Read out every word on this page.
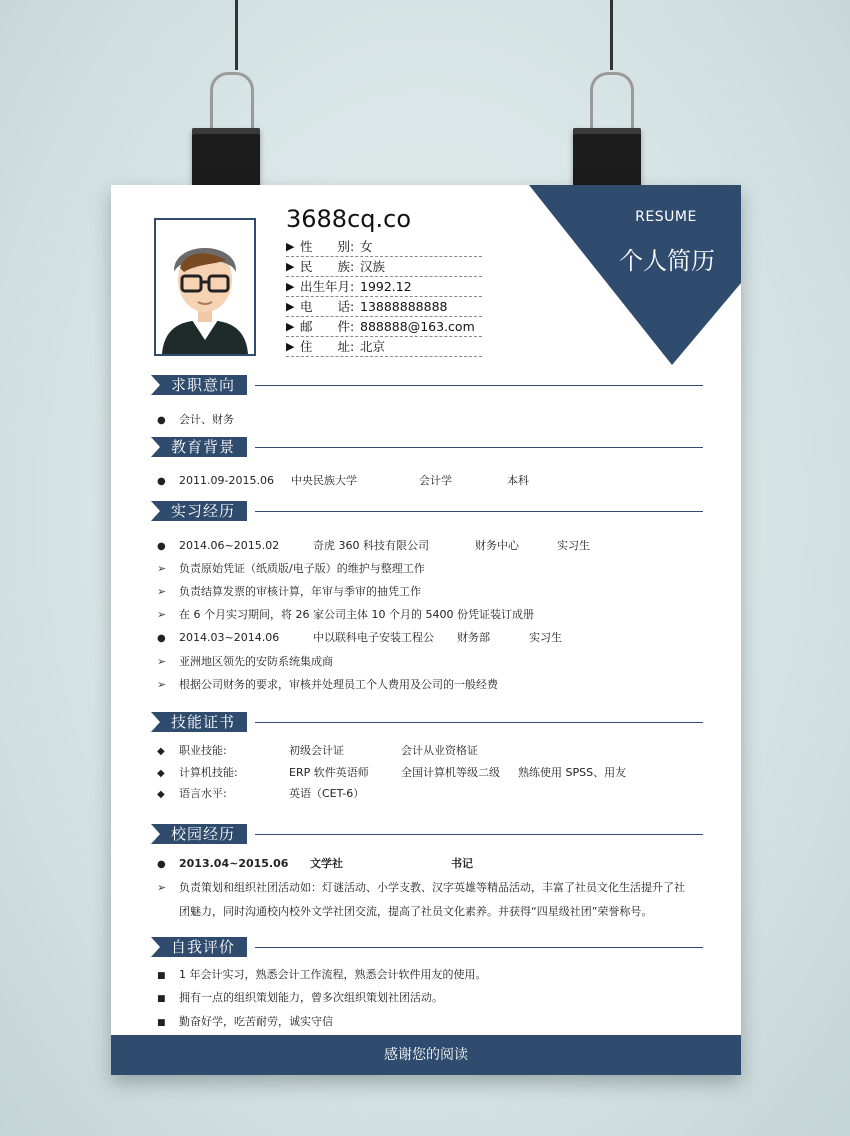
RESUME
个人简历
3688cq.co
▶ 性　　别: 女
▶ 民　　族: 汉族
▶ 出生年月: 1992.12
▶ 电　　话: 13888888888
▶ 邮　　件: 888888@163.com
▶ 住　　址: 北京
求职意向
● 会计、财务
教育背景
● 2011.09-2015.06 中央民族大学	会计学	本科
实习经历
● 2014.06~2015.02	奇虎 360 科技有限公司	财务中心	实习生
➢ 负责原始凭证（纸质版/电子版）的维护与整理工作
➢ 负责结算发票的审核计算，年审与季审的抽凭工作
➢ 在 6 个月实习期间，将 26 家公司主体 10 个月的 5400 份凭证装订成册
● 2014.03~2014.06	中以联科电子安装工程公 财务部	实习生
➢ 亚洲地区领先的安防系统集成商
➢ 根据公司财务的要求，审核并处理员工个人费用及公司的一般经费
技能证书
◆ 职业技能:	初级会计证	会计从业资格证
◆ 计算机技能:	ERP 软件英语师	全国计算机等级二级 熟练使用 SPSS、用友
◆ 语言水平:	英语（CET-6）
校园经历
● 2013.04~2015.06 文学社	书记
➢ 负责策划和组织社团活动如：灯谜活动、小学支教、汉字英雄等精品活动，丰富了社员文化生活提升了社
团魅力，同时沟通校内校外文学社团交流，提高了社员文化素养。并获得“四星级社团”荣誉称号。
自我评价
■ 1 年会计实习，熟悉会计工作流程，熟悉会计软件用友的使用。
■ 拥有一点的组织策划能力，曾多次组织策划社团活动。
■ 勤奋好学，吃苦耐劳，诚实守信
感谢您的阅读
